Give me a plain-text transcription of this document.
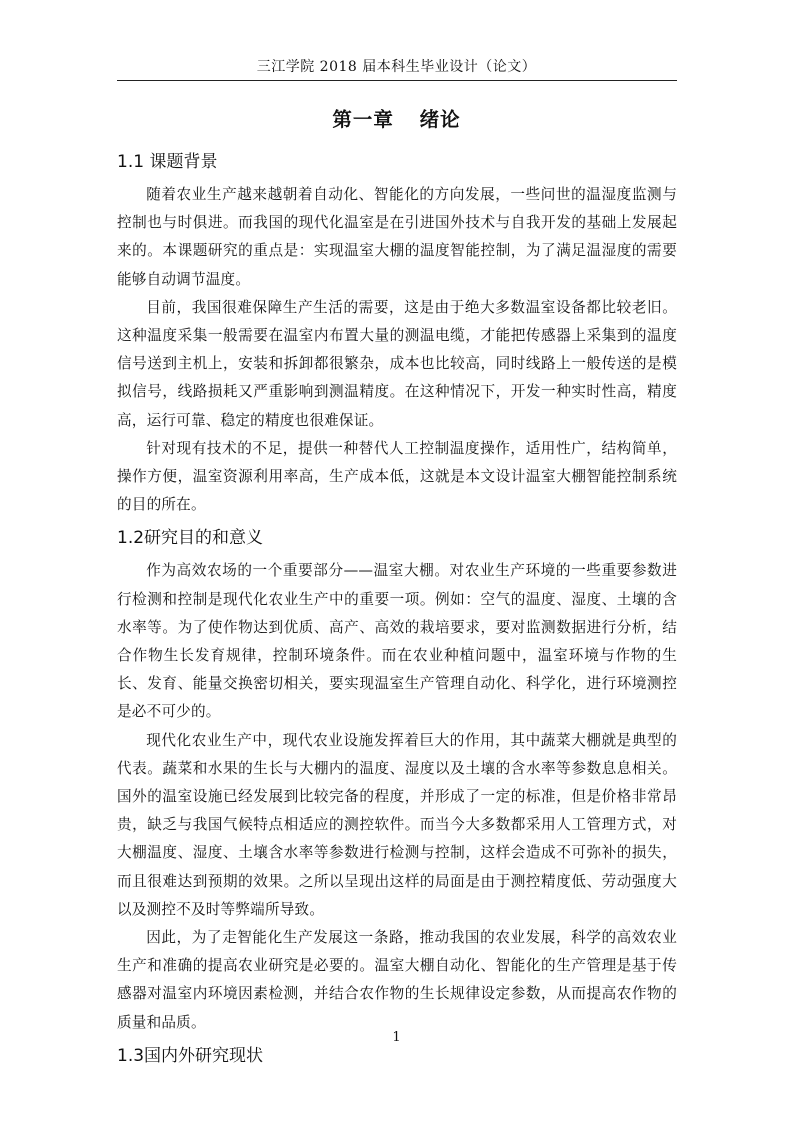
三江学院 2018 届本科生毕业设计（论文）
第一章 绪论
1.1 课题背景

随着农业生产越来越朝着自动化、智能化的方向发展，一些问世的温湿度监测与控制也与时俱进。而我国的现代化温室是在引进国外技术与自我开发的基础上发展起来的。本课题研究的重点是：实现温室大棚的温度智能控制，为了满足温湿度的需要能够自动调节温度。

目前，我国很难保障生产生活的需要，这是由于绝大多数温室设备都比较老旧。这种温度采集一般需要在温室内布置大量的测温电缆，才能把传感器上采集到的温度信号送到主机上，安装和拆卸都很繁杂，成本也比较高，同时线路上一般传送的是模拟信号，线路损耗又严重影响到测温精度。在这种情况下，开发一种实时性高，精度高，运行可靠、稳定的精度也很难保证。

针对现有技术的不足，提供一种替代人工控制温度操作，适用性广，结构简单，操作方便，温室资源利用率高，生产成本低，这就是本文设计温室大棚智能控制系统的目的所在。

1.2研究目的和意义

作为高效农场的一个重要部分——温室大棚。对农业生产环境的一些重要参数进行检测和控制是现代化农业生产中的重要一项。例如：空气的温度、湿度、土壤的含水率等。为了使作物达到优质、高产、高效的栽培要求，要对监测数据进行分析，结合作物生长发育规律，控制环境条件。而在农业种植问题中，温室环境与作物的生长、发育、能量交换密切相关，要实现温室生产管理自动化、科学化，进行环境测控是必不可少的。

现代化农业生产中，现代农业设施发挥着巨大的作用，其中蔬菜大棚就是典型的代表。蔬菜和水果的生长与大棚内的温度、湿度以及土壤的含水率等参数息息相关。国外的温室设施已经发展到比较完备的程度，并形成了一定的标准，但是价格非常昂贵，缺乏与我国气候特点相适应的测控软件。而当今大多数都采用人工管理方式，对大棚温度、湿度、土壤含水率等参数进行检测与控制，这样会造成不可弥补的损失，而且很难达到预期的效果。之所以呈现出这样的局面是由于测控精度低、劳动强度大以及测控不及时等弊端所导致。

因此，为了走智能化生产发展这一条路，推动我国的农业发展，科学的高效农业生产和准确的提高农业研究是必要的。温室大棚自动化、智能化的生产管理是基于传感器对温室内环境因素检测，并结合农作物的生长规律设定参数，从而提高农作物的质量和品质。

1.3国内外研究现状
1
